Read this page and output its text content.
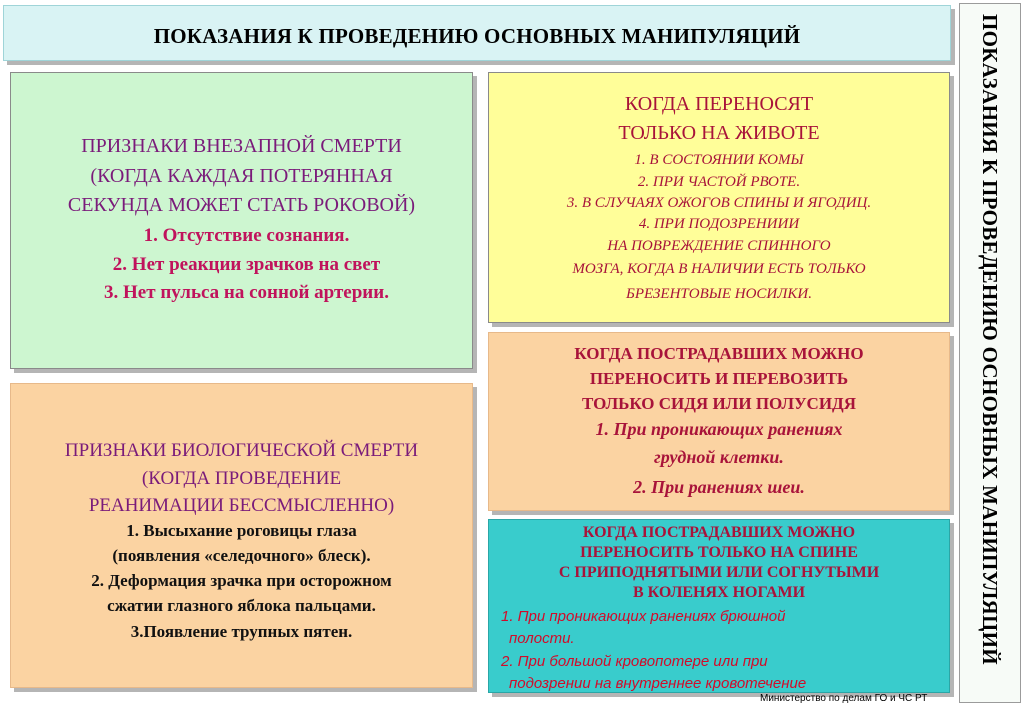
ПОКАЗАНИЯ К ПРОВЕДЕНИЮ ОСНОВНЫХ МАНИПУЛЯЦИЙ	ПОКАЗАНИЯ К ПРОВЕДЕНИЮ ОСНОВНЫХ МАНИПУЛЯЦИЙ
ПРИЗНАКИ ВНЕЗАПНОЙ СМЕРТИ
(КОГДА КАЖДАЯ ПОТЕРЯННАЯ
СЕКУНДА МОЖЕТ СТАТЬ РОКОВОЙ)
1. Отсутствие сознания.
2. Нет реакции зрачков на свет
3. Нет пульса на сонной артерии.
ПРИЗНАКИ БИОЛОГИЧЕСКОЙ СМЕРТИ
(КОГДА ПРОВЕДЕНИЕ
РЕАНИМАЦИИ БЕССМЫСЛЕННО)
1. Высыхание роговицы глаза
(появления «селедочного» блеск).
2. Деформация зрачка при осторожном
сжатии глазного яблока пальцами.
3.Появление трупных пятен.
КОГДА ПЕРЕНОСЯТ
ТОЛЬКО НА ЖИВОТЕ
1. В СОСТОЯНИИ КОМЫ
2. ПРИ ЧАСТОЙ РВОТЕ.
3. В СЛУЧАЯХ ОЖОГОВ СПИНЫ И ЯГОДИЦ.
4. ПРИ ПОДОЗРЕНИИИ
НА ПОВРЕЖДЕНИЕ СПИННОГО
МОЗГА, КОГДА В НАЛИЧИИ ЕСТЬ ТОЛЬКО
БРЕЗЕНТОВЫЕ НОСИЛКИ.
КОГДА ПОСТРАДАВШИХ МОЖНО
ПЕРЕНОСИТЬ И ПЕРЕВОЗИТЬ
ТОЛЬКО СИДЯ ИЛИ ПОЛУСИДЯ
1. При проникающих ранениях
грудной клетки.
2. При ранениях шеи.
КОГДА ПОСТРАДАВШИХ МОЖНО
ПЕРЕНОСИТЬ ТОЛЬКО НА СПИНЕ
С ПРИПОДНЯТЫМИ ИЛИ СОГНУТЫМИ
В КОЛЕНЯХ НОГАМИ
1. При проникающих ранениях брюшной
полости.
2. При большой кровопотере или при
подозрении на внутреннее кровотечение
Министерство по делам ГО и ЧС РТ
